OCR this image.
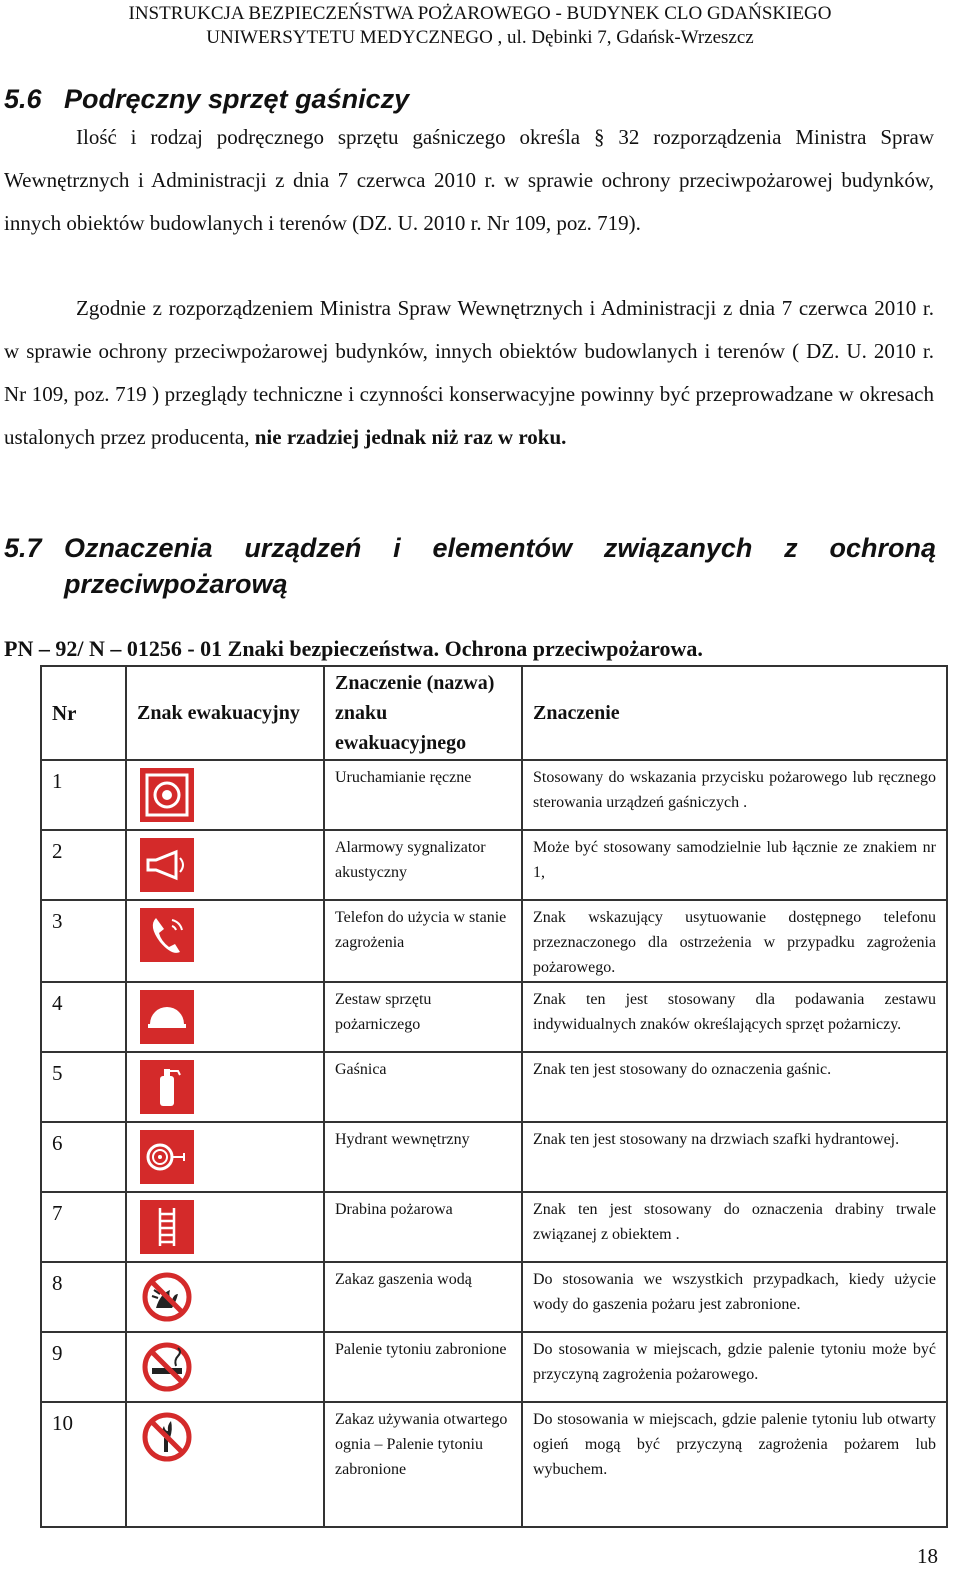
INSTRUKCJA BEZPIECZEŃSTWA POŻAROWEGO - BUDYNEK CLO GDAŃSKIEGO
UNIWERSYTETU MEDYCZNEGO , ul. Dębinki 7, Gdańsk-Wrzeszcz
5.6 Podręczny sprzęt gaśniczy
Ilość i rodzaj podręcznego sprzętu gaśniczego określa § 32 rozporządzenia Ministra Spraw Wewnętrznych i Administracji z dnia 7 czerwca 2010 r. w sprawie ochrony przeciwpożarowej budynków, innych obiektów budowlanych i terenów (DZ. U. 2010 r. Nr 109, poz. 719).
Zgodnie z rozporządzeniem Ministra Spraw Wewnętrznych i Administracji z dnia 7 czerwca 2010 r. w sprawie ochrony przeciwpożarowej budynków, innych obiektów budowlanych i terenów ( DZ. U. 2010 r. Nr 109, poz. 719 ) przeglądy techniczne i czynności konserwacyjne powinny być przeprowadzane w okresach ustalonych przez producenta, nie rzadziej jednak niż raz w roku.
5.7 Oznaczenia urządzeń i elementów związanych z ochroną
przeciwpożarową
PN – 92/ N – 01256 - 01 Znaki bezpieczeństwa. Ochrona przeciwpożarowa.
Nr	Znak ewakuacyjny	Znaczenie (nazwa) znaku ewakuacyjnego	Znaczenie
1		Uruchamianie ręczne	Stosowany do wskazania przycisku pożarowego lub ręcznego sterowania urządzeń gaśniczych .
2		Alarmowy sygnalizator akustyczny	Może być stosowany samodzielnie lub łącznie ze znakiem nr 1,
3		Telefon do użycia w stanie zagrożenia	Znak wskazujący usytuowanie dostępnego telefonu przeznaczonego dla ostrzeżenia w przypadku zagrożenia pożarowego.
4		Zestaw sprzętu pożarniczego	Znak ten jest stosowany dla podawania zestawu indywidualnych znaków określających sprzęt pożarniczy.
5		Gaśnica	Znak ten jest stosowany do oznaczenia gaśnic.
6		Hydrant wewnętrzny	Znak ten jest stosowany na drzwiach szafki hydrantowej.
7		Drabina pożarowa	Znak ten jest stosowany do oznaczenia drabiny trwale związanej z obiektem .
8		Zakaz gaszenia wodą	Do stosowania we wszystkich przypadkach, kiedy użycie wody do gaszenia pożaru jest zabronione.
9		Palenie tytoniu zabronione	Do stosowania w miejscach, gdzie palenie tytoniu może być przyczyną zagrożenia pożarowego.
10		Zakaz używania otwartego ognia – Palenie tytoniu zabronione	Do stosowania w miejscach, gdzie palenie tytoniu lub otwarty ogień mogą być przyczyną zagrożenia pożarem lub wybuchem.
18
